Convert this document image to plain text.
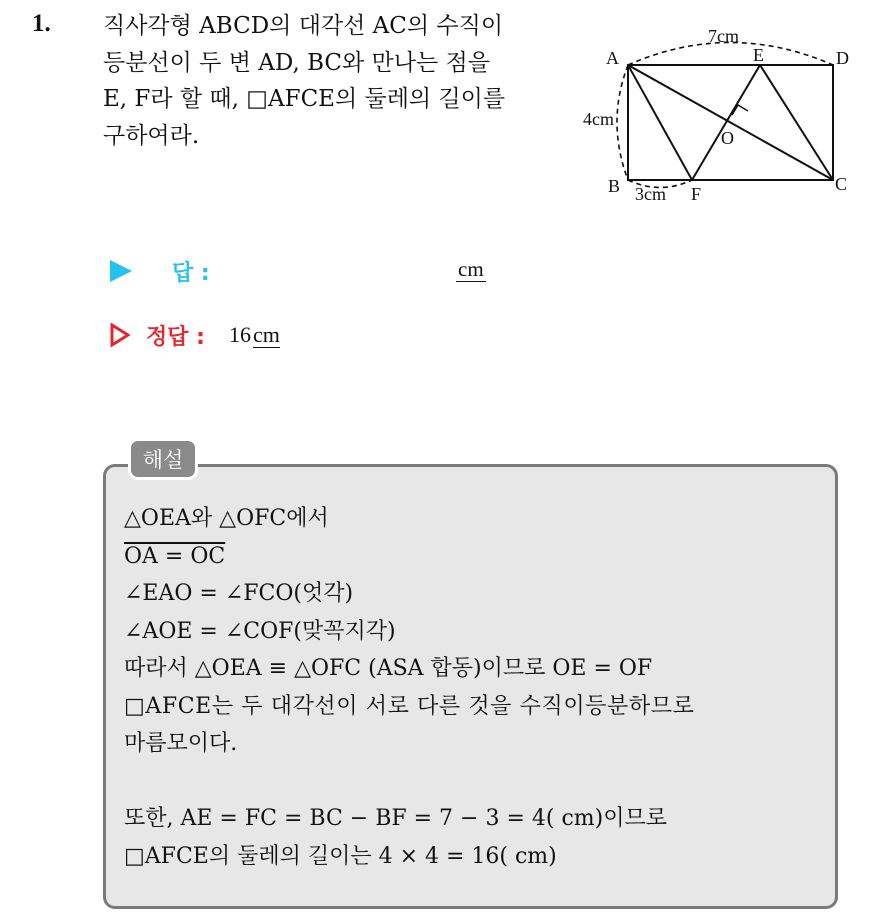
1. 직사각형 ABCD의 대각선 AC의 수직이
등분선이 두 변 AD, BC와 만나는 점을
E, F라 할 때, □AFCE의 둘레의 길이를
구하여라.
A	D
E
B	C
F
O
7cm
4cm
3cm
답 :	cm
정답 : 16 cm
해설
△OEA와 △OFC에서
OA = OC
∠EAO = ∠FCO(엇각)
∠AOE = ∠COF(맞꼭지각)
따라서 △OEA ≡ △OFC (ASA 합동)이므로 OE = OF
□AFCE는 두 대각선이 서로 다른 것을 수직이등분하므로
마름모이다.
또한, AE = FC = BC − BF = 7 − 3 = 4( cm)이므로
□AFCE의 둘레의 길이는 4 × 4 = 16( cm)
